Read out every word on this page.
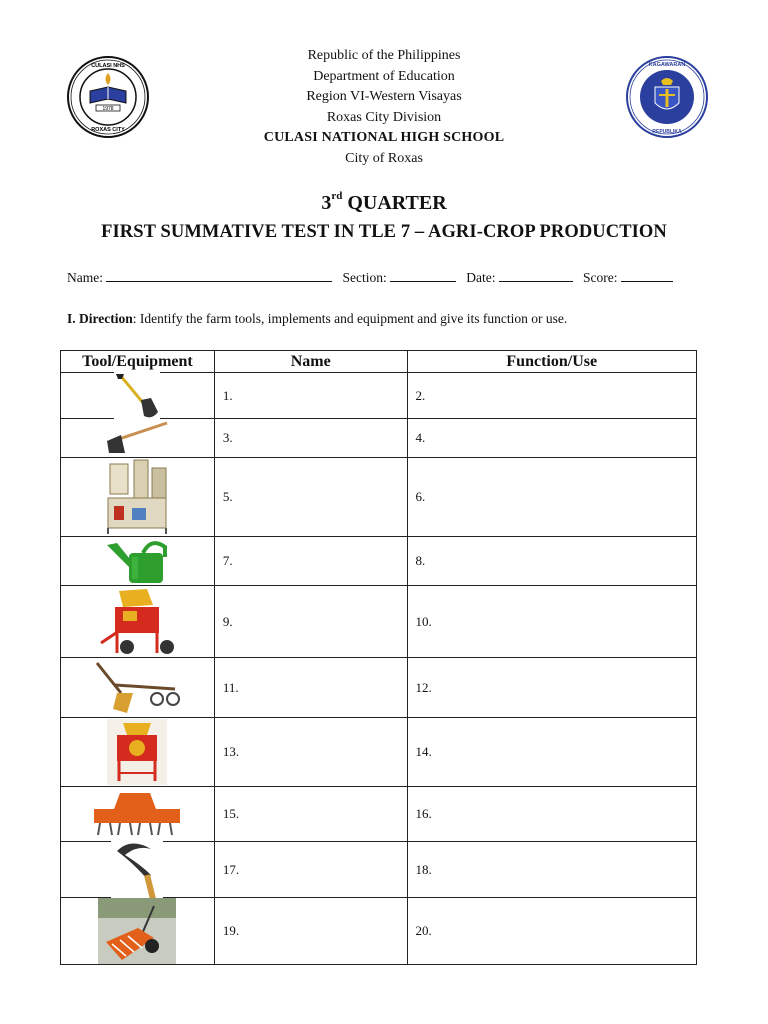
1978
CULASI NHS
ROXAS CITY
KAGAWARAN
REPUBLIKA
Republic of the Philippines
Department of Education
Region VI-Western Visayas
Roxas City Division
CULASI NATIONAL HIGH SCHOOL
City of Roxas
3rd QUARTER
FIRST SUMMATIVE TEST IN TLE 7 – AGRI-CROP PRODUCTION
Name:	Section:	Date:	Score:
I. Direction: Identify the farm tools, implements and equipment and give its function or use.
Tool/Equipment	Name	Function/Use

	1.	2.

	3.	4.

	5.	6.

	7.	8.

	9.	10.

	11.	12.

	13.	14.

	15.	16.

	17.	18.

	19.	20.
